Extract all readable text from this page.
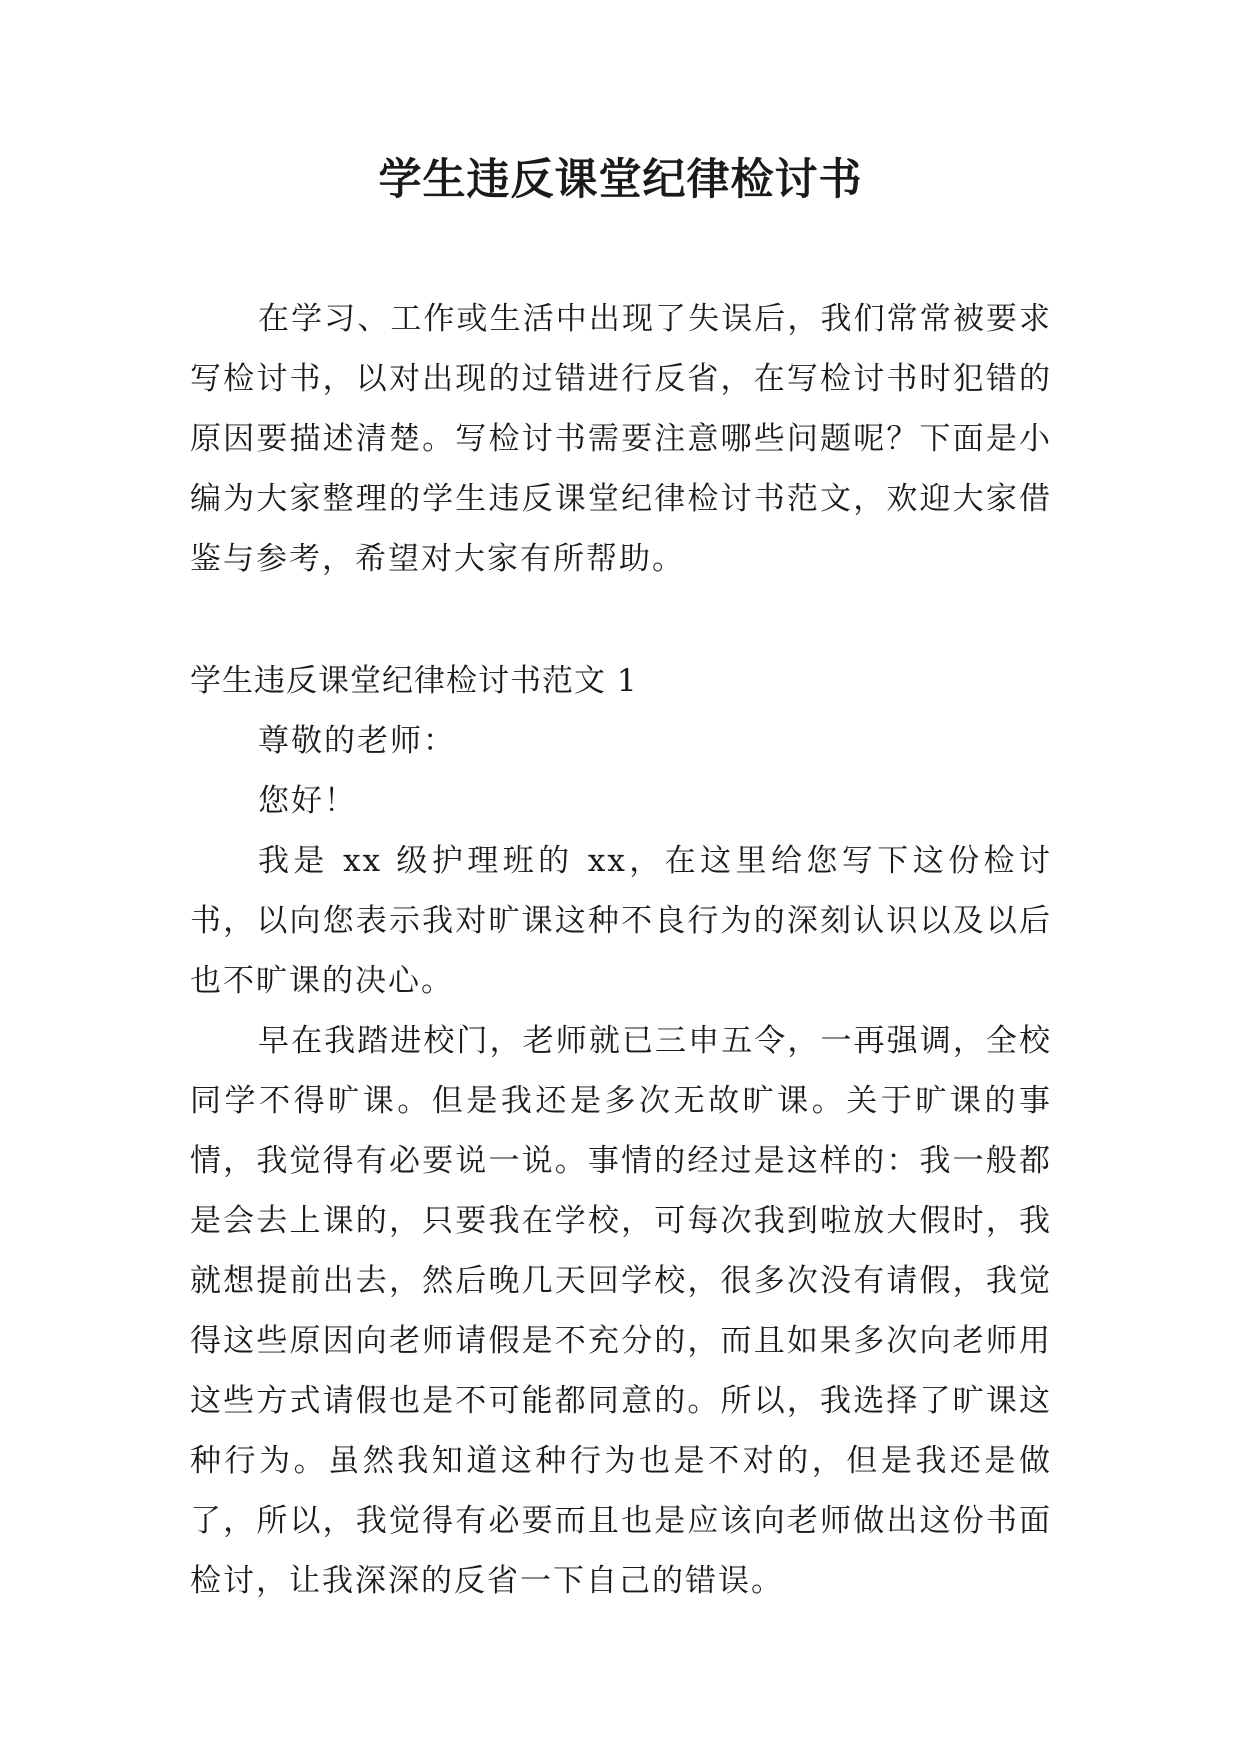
学生违反课堂纪律检讨书

在学习、工作或生活中出现了失误后，我们常常被要求写检讨书，以对出现的过错进行反省，在写检讨书时犯错的原因要描述清楚。写检讨书需要注意哪些问题呢？下面是小编为大家整理的学生违反课堂纪律检讨书范文，欢迎大家借鉴与参考，希望对大家有所帮助。

学生违反课堂纪律检讨书范文 1

尊敬的老师：

您好！

我是 xx 级护理班的 xx，在这里给您写下这份检讨书，以向您表示我对旷课这种不良行为的深刻认识以及以后也不旷课的决心。

早在我踏进校门，老师就已三申五令，一再强调，全校同学不得旷课。但是我还是多次无故旷课。关于旷课的事情，我觉得有必要说一说。事情的经过是这样的：我一般都是会去上课的，只要我在学校，可每次我到啦放大假时，我就想提前出去，然后晚几天回学校，很多次没有请假，我觉得这些原因向老师请假是不充分的，而且如果多次向老师用这些方式请假也是不可能都同意的。所以，我选择了旷课这种行为。虽然我知道这种行为也是不对的，但是我还是做了，所以，我觉得有必要而且也是应该向老师做出这份书面检讨，让我深深的反省一下自己的错误。
